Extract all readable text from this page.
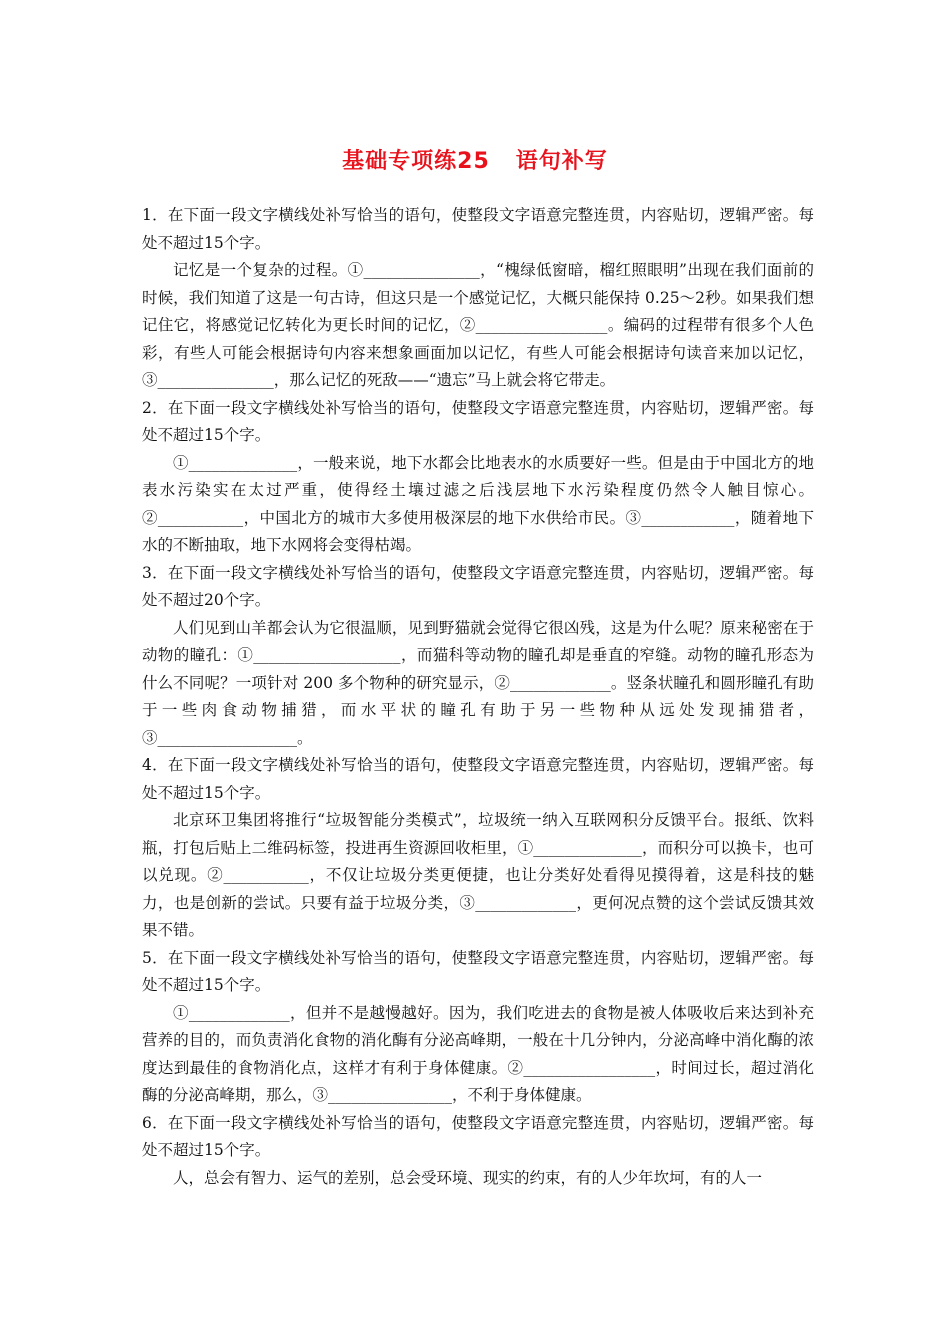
基础专项练25 语句补写

1．在下面一段文字横线处补写恰当的语句，使整段文字语意完整连贯，内容贴切，逻辑严密。每处不超过15个字。

记忆是一个复杂的过程。①_______________，“槐绿低窗暗，榴红照眼明”出现在我们面前的时候，我们知道了这是一句古诗，但这只是一个感觉记忆，大概只能保持 0.25～2秒。如果我们想记住它，将感觉记忆转化为更长时间的记忆，②_________________。编码的过程带有很多个人色彩，有些人可能会根据诗句内容来想象画面加以记忆，有些人可能会根据诗句读音来加以记忆，③_______________，那么记忆的死敌——“遗忘”马上就会将它带走。

2．在下面一段文字横线处补写恰当的语句，使整段文字语意完整连贯，内容贴切，逻辑严密。每处不超过15个字。

①______________，一般来说，地下水都会比地表水的水质要好一些。但是由于中国北方的地表水污染实在太过严重，使得经土壤过滤之后浅层地下水污染程度仍然令人触目惊心。②___________，中国北方的城市大多使用极深层的地下水供给市民。③____________，随着地下水的不断抽取，地下水网将会变得枯竭。

3．在下面一段文字横线处补写恰当的语句，使整段文字语意完整连贯，内容贴切，逻辑严密。每处不超过20个字。

人们见到山羊都会认为它很温顺，见到野猫就会觉得它很凶残，这是为什么呢？原来秘密在于动物的瞳孔：①___________________，而猫科等动物的瞳孔却是垂直的窄缝。动物的瞳孔形态为什么不同呢？一项针对 200 多个物种的研究显示，②_____________。竖条状瞳孔和圆形瞳孔有助于一些肉食动物捕猎，而水平状的瞳孔有助于另一些物种从远处发现捕猎者，③__________________。

4．在下面一段文字横线处补写恰当的语句，使整段文字语意完整连贯，内容贴切，逻辑严密。每处不超过15个字。

北京环卫集团将推行“垃圾智能分类模式”，垃圾统一纳入互联网积分反馈平台。报纸、饮料瓶，打包后贴上二维码标签，投进再生资源回收柜里，①______________，而积分可以换卡，也可以兑现。②___________，不仅让垃圾分类更便捷，也让分类好处看得见摸得着，这是科技的魅力，也是创新的尝试。只要有益于垃圾分类，③_____________，更何况点赞的这个尝试反馈其效果不错。

5．在下面一段文字横线处补写恰当的语句，使整段文字语意完整连贯，内容贴切，逻辑严密。每处不超过15个字。

①_____________，但并不是越慢越好。因为，我们吃进去的食物是被人体吸收后来达到补充营养的目的，而负责消化食物的消化酶有分泌高峰期，一般在十几分钟内，分泌高峰中消化酶的浓度达到最佳的食物消化点，这样才有利于身体健康。②_________________，时间过长，超过消化酶的分泌高峰期，那么，③________________，不利于身体健康。

6．在下面一段文字横线处补写恰当的语句，使整段文字语意完整连贯，内容贴切，逻辑严密。每处不超过15个字。

人，总会有智力、运气的差别，总会受环境、现实的约束，有的人少年坎坷，有的人一
